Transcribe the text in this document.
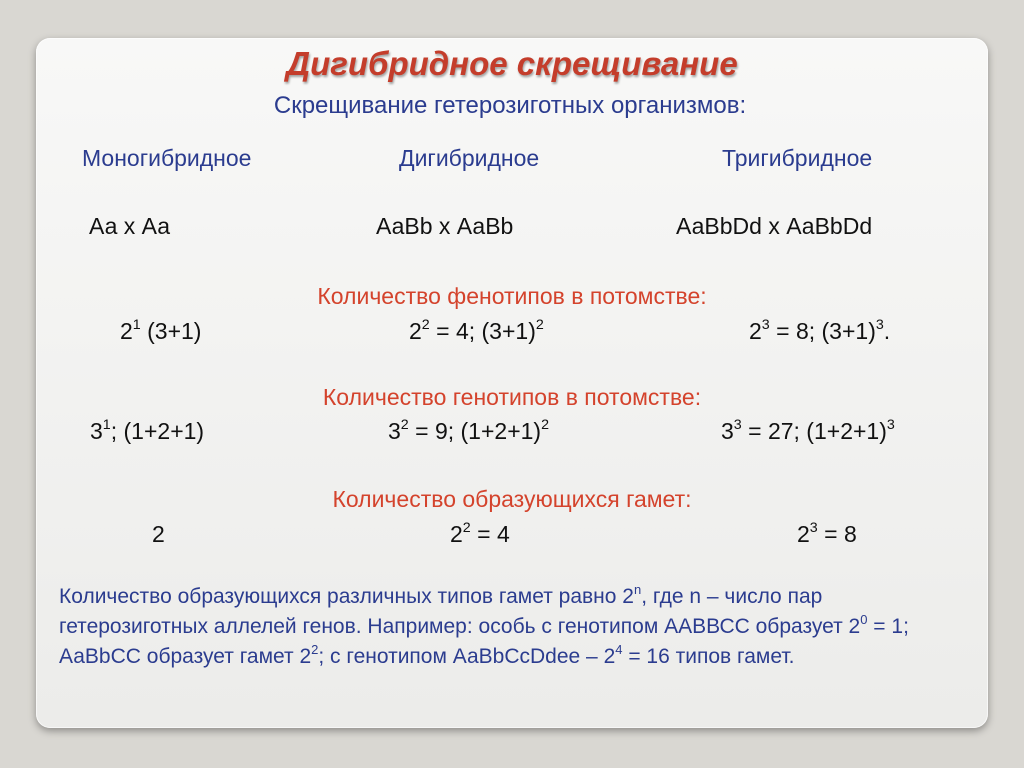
Дигибридное скрещивание
Скрещивание гетерозиготных организмов:
Моногибридное	Дигибридное	Тригибридное
Аа х Аа	АаВb х АаВb	АаВbDd х АаВbDd
Количество фенотипов в потомстве:
$2^1$ (3+1)	$2^2 = 4$; $(3+1)^2$	$2^3 = 8$; $(3+1)^3$.
Количество генотипов в потомстве:
$3^1$; (1+2+1)	$3^2 = 9$; $(1+2+1)^2$	$3^3 = 27$; $(1+2+1)^3$
Количество образующихся гамет:
2	$2^2 = 4$	$2^3 = 8$
Количество образующихся различных типов гамет равно 2$^n$, где n – число пар гетерозиготных аллелей генов. Например: особь с генотипом ААВВСС образует $2^0 = 1$; АаВbСС образует гамет $2^2$; с генотипом АаВbСсDdee – $2^4 = 16$ типов гамет.
